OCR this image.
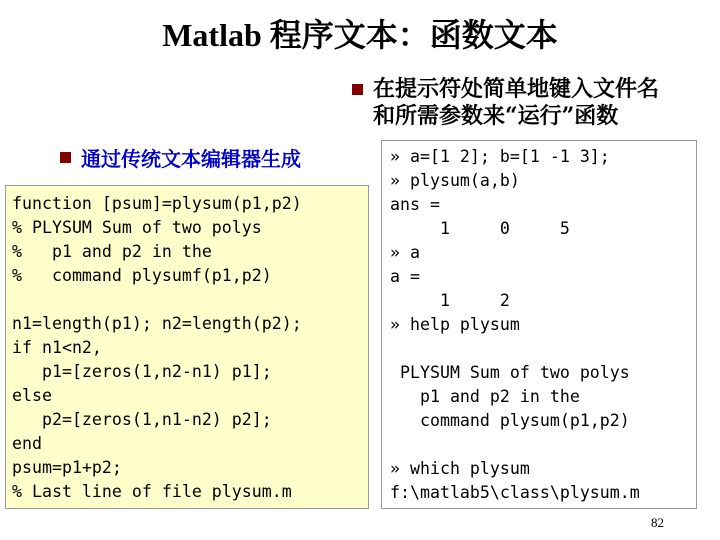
Matlab 程序文本：函数文本
在提示符处简单地键入文件名
和所需参数来“运行”函数
通过传统文本编辑器生成
function [psum]=plysum(p1,p2)
% PLYSUM Sum of two polys
%   p1 and p2 in the
%   command plysumf(p1,p2)

n1=length(p1); n2=length(p2);
if n1<n2,
p1=[zeros(1,n2-n1) p1];
else
p2=[zeros(1,n1-n2) p2];
end
psum=p1+p2;
% Last line of file plysum.m
» a=[1 2]; b=[1 -1 3];
» plysum(a,b)
ans =
1     0     5
» a
a =
1     2
» help plysum

PLYSUM Sum of two polys
p1 and p2 in the
command plysum(p1,p2)

» which plysum
f:\matlab5\class\plysum.m
82
